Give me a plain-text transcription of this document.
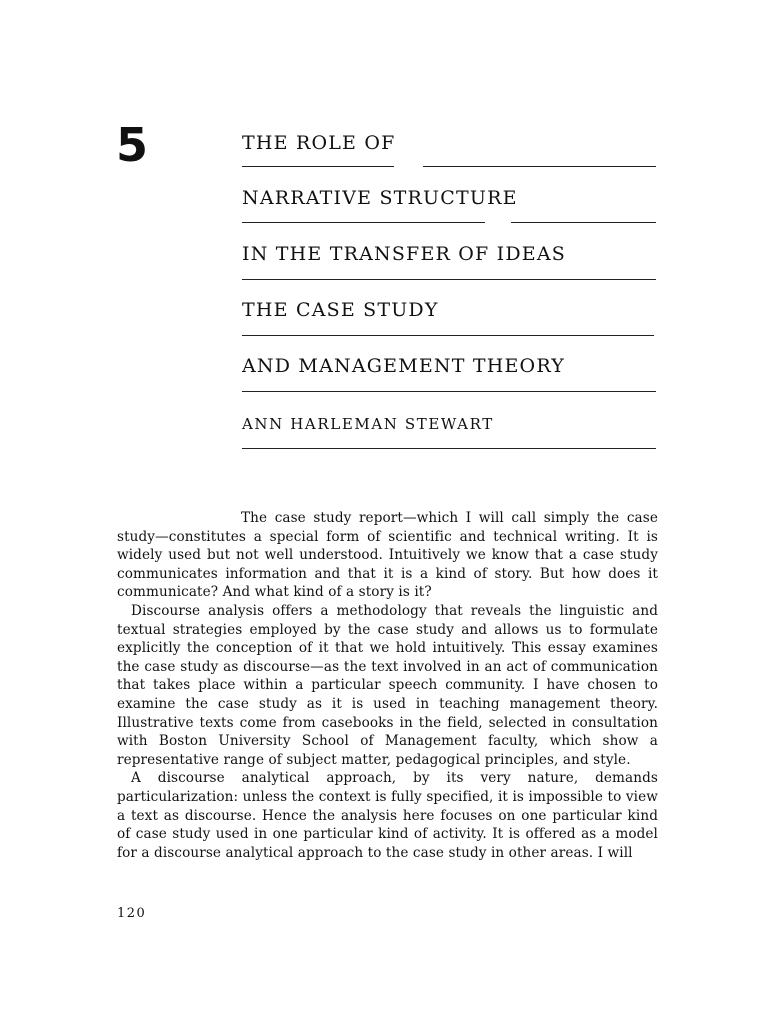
5	THE ROLE OF
NARRATIVE STRUCTURE
IN THE TRANSFER OF IDEAS
THE CASE STUDY
AND MANAGEMENT THEORY
ANN HARLEMAN STEWART

The case study report—which I will call simply the case study—constitutes a special form of scientific and technical writing. It is widely used but not well understood. Intuitively we know that a case study communicates information and that it is a kind of story. But how does it communicate? And what kind of a story is it?

Discourse analysis offers a methodology that reveals the linguistic and textual strategies employed by the case study and allows us to formulate explicitly the conception of it that we hold intuitively. This essay examines the case study as discourse—as the text involved in an act of communication that takes place within a particular speech community. I have chosen to examine the case study as it is used in teaching management theory. Illustrative texts come from casebooks in the field, selected in consultation with Boston University School of Management faculty, which show a representative range of subject matter, pedagogical principles, and style.

A discourse analytical approach, by its very nature, demands particularization: unless the context is fully specified, it is impossible to view a text as discourse. Hence the analysis here focuses on one particular kind of case study used in one particular kind of activity. It is offered as a model for a discourse analytical approach to the case study in other areas. I will

120
